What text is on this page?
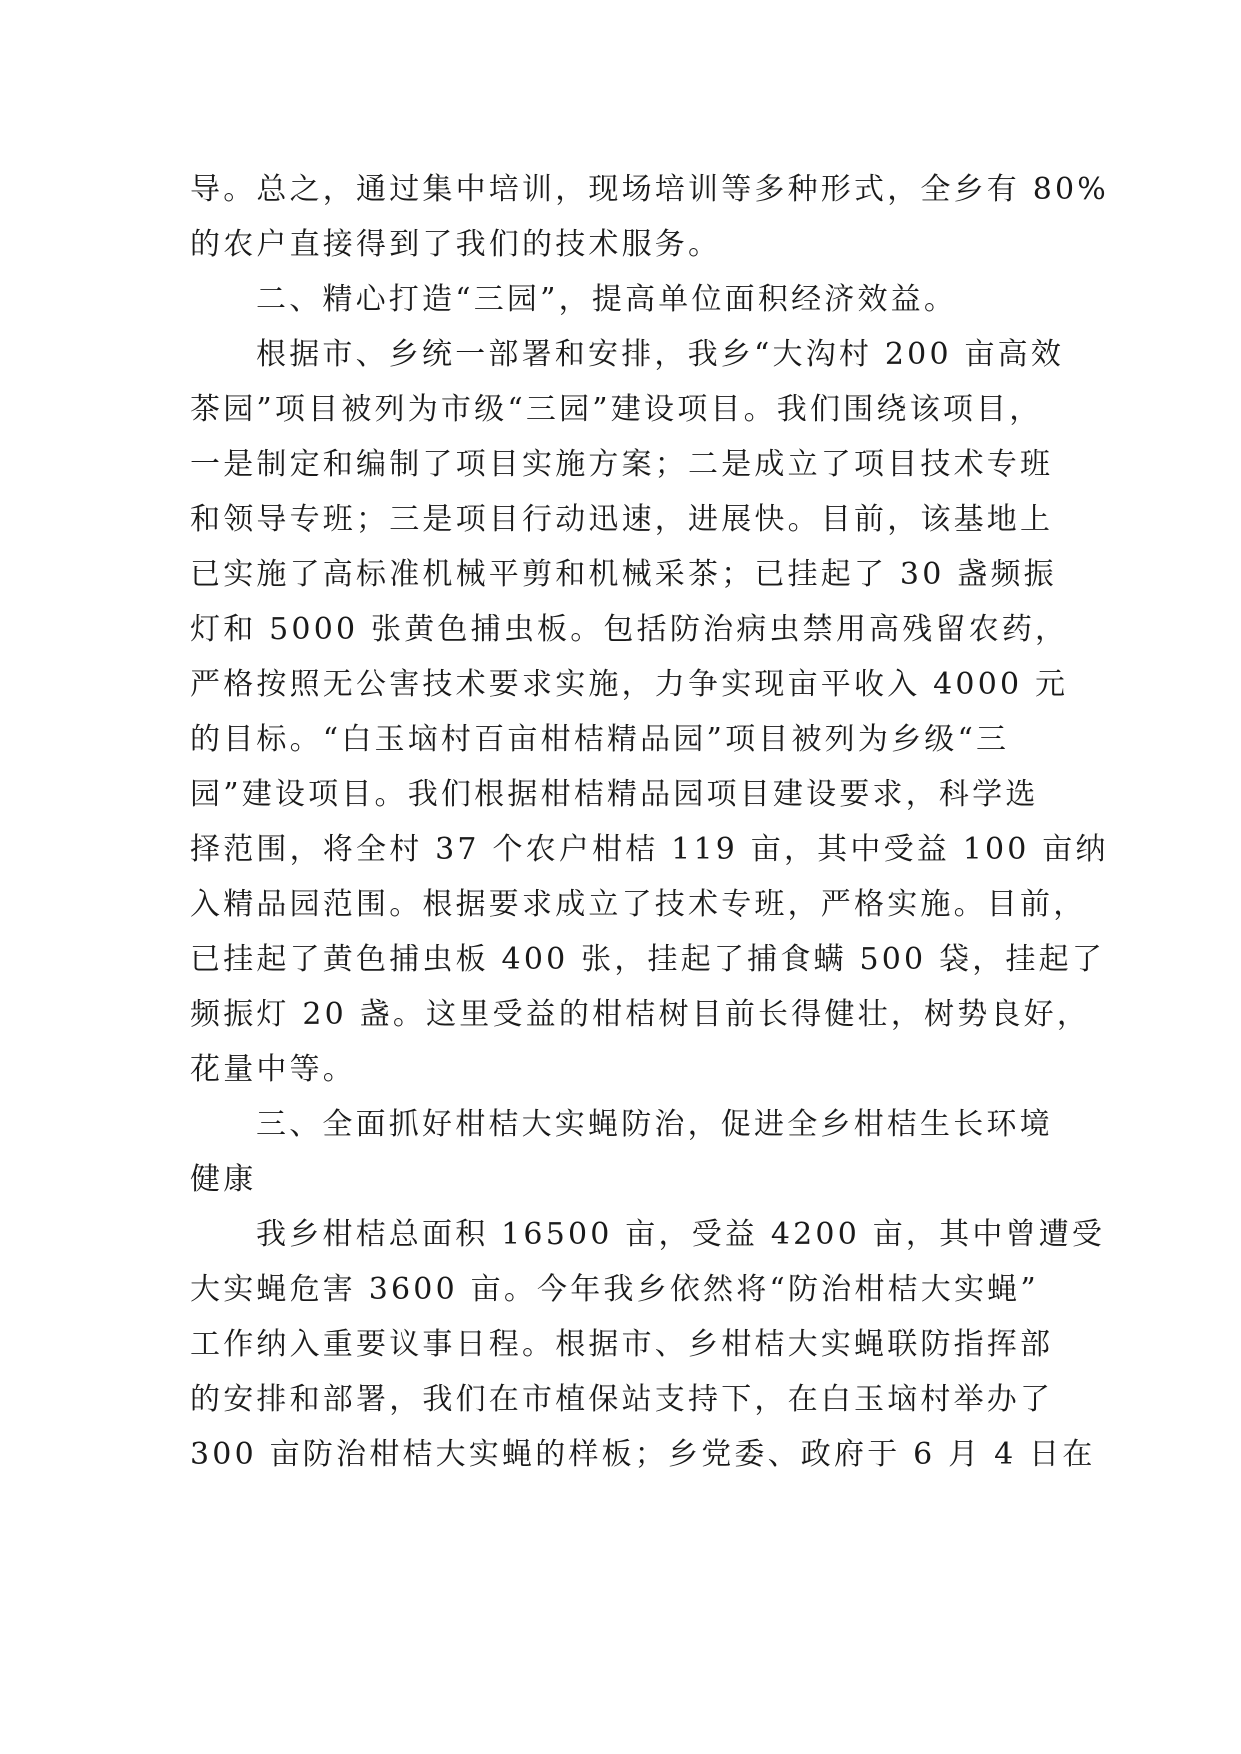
导。总之，通过集中培训，现场培训等多种形式，全乡有 80%
的农户直接得到了我们的技术服务。
二、精心打造“三园”，提高单位面积经济效益。
根据市、乡统一部署和安排，我乡“大沟村 200 亩高效
茶园”项目被列为市级“三园”建设项目。我们围绕该项目，
一是制定和编制了项目实施方案；二是成立了项目技术专班
和领导专班；三是项目行动迅速，进展快。目前，该基地上
已实施了高标准机械平剪和机械采茶；已挂起了 30 盏频振
灯和 5000 张黄色捕虫板。包括防治病虫禁用高残留农药，
严格按照无公害技术要求实施，力争实现亩平收入 4000 元
的目标。“白玉垴村百亩柑桔精品园”项目被列为乡级“三
园”建设项目。我们根据柑桔精品园项目建设要求，科学选
择范围，将全村 37 个农户柑桔 119 亩，其中受益 100 亩纳
入精品园范围。根据要求成立了技术专班，严格实施。目前，
已挂起了黄色捕虫板 400 张，挂起了捕食螨 500 袋，挂起了
频振灯 20 盏。这里受益的柑桔树目前长得健壮，树势良好，
花量中等。
三、全面抓好柑桔大实蝇防治，促进全乡柑桔生长环境
健康
我乡柑桔总面积 16500 亩，受益 4200 亩，其中曾遭受
大实蝇危害 3600 亩。今年我乡依然将“防治柑桔大实蝇”
工作纳入重要议事日程。根据市、乡柑桔大实蝇联防指挥部
的安排和部署，我们在市植保站支持下，在白玉垴村举办了
300 亩防治柑桔大实蝇的样板；乡党委、政府于 6 月 4 日在
